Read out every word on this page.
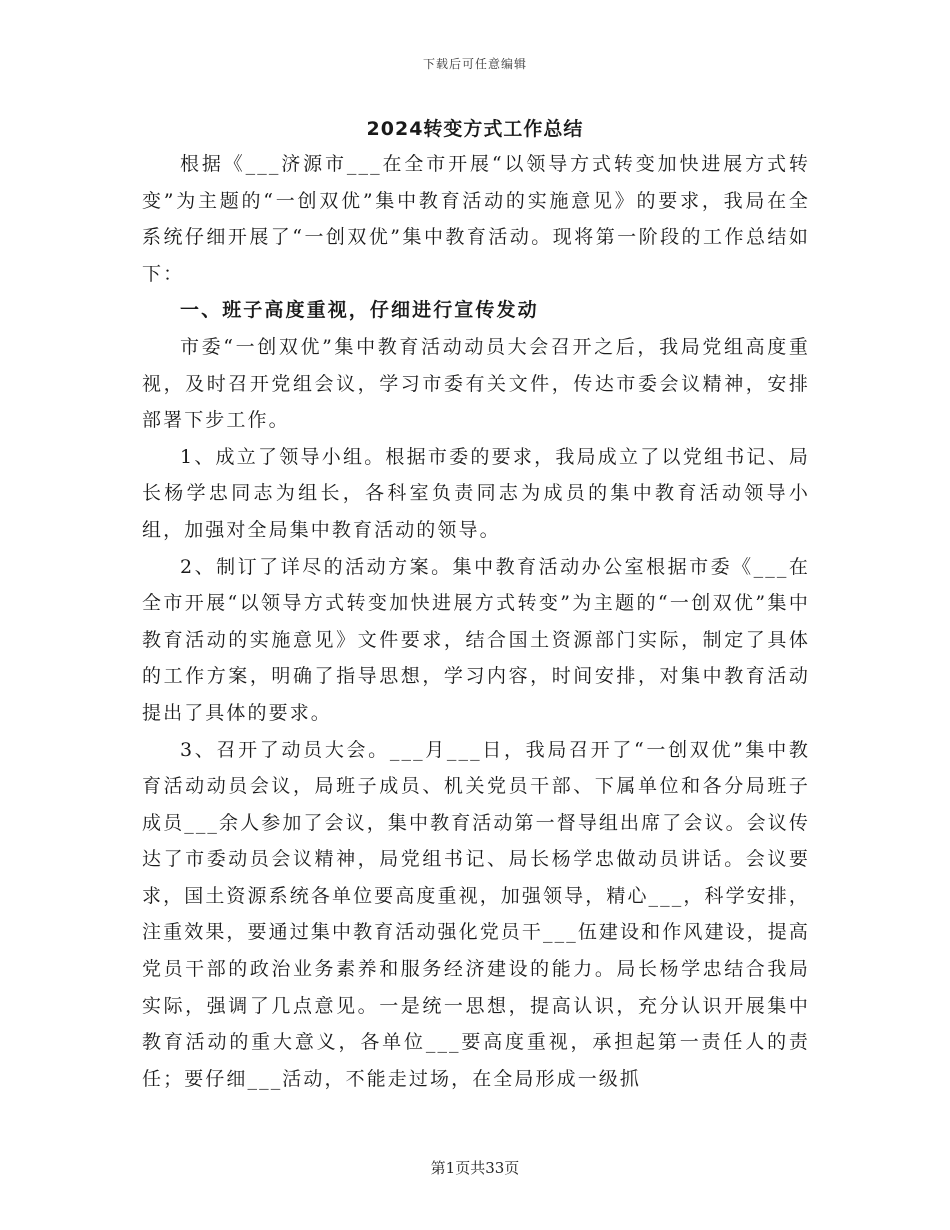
下载后可任意编辑
2024转变方式工作总结

根据《___济源市___在全市开展“以领导方式转变加快进展方式转变”为主题的“一创双优”集中教育活动的实施意见》的要求，我局在全系统仔细开展了“一创双优”集中教育活动。现将第一阶段的工作总结如下：

一、班子高度重视，仔细进行宣传发动

市委“一创双优”集中教育活动动员大会召开之后，我局党组高度重视，及时召开党组会议，学习市委有关文件，传达市委会议精神，安排部署下步工作。

1、成立了领导小组。根据市委的要求，我局成立了以党组书记、局长杨学忠同志为组长，各科室负责同志为成员的集中教育活动领导小组，加强对全局集中教育活动的领导。

2、制订了详尽的活动方案。集中教育活动办公室根据市委《___在全市开展“以领导方式转变加快进展方式转变”为主题的“一创双优”集中教育活动的实施意见》文件要求，结合国土资源部门实际，制定了具体的工作方案，明确了指导思想，学习内容，时间安排，对集中教育活动提出了具体的要求。

3、召开了动员大会。___月___日，我局召开了“一创双优”集中教育活动动员会议，局班子成员、机关党员干部、下属单位和各分局班子成员___余人参加了会议，集中教育活动第一督导组出席了会议。会议传达了市委动员会议精神，局党组书记、局长杨学忠做动员讲话。会议要求，国土资源系统各单位要高度重视，加强领导，精心___，科学安排，注重效果，要通过集中教育活动强化党员干___伍建设和作风建设，提高党员干部的政治业务素养和服务经济建设的能力。局长杨学忠结合我局实际，强调了几点意见。一是统一思想，提高认识，充分认识开展集中教育活动的重大意义，各单位___要高度重视，承担起第一责任人的责任；要仔细___活动，不能走过场，在全局形成一级抓

第1页共33页
